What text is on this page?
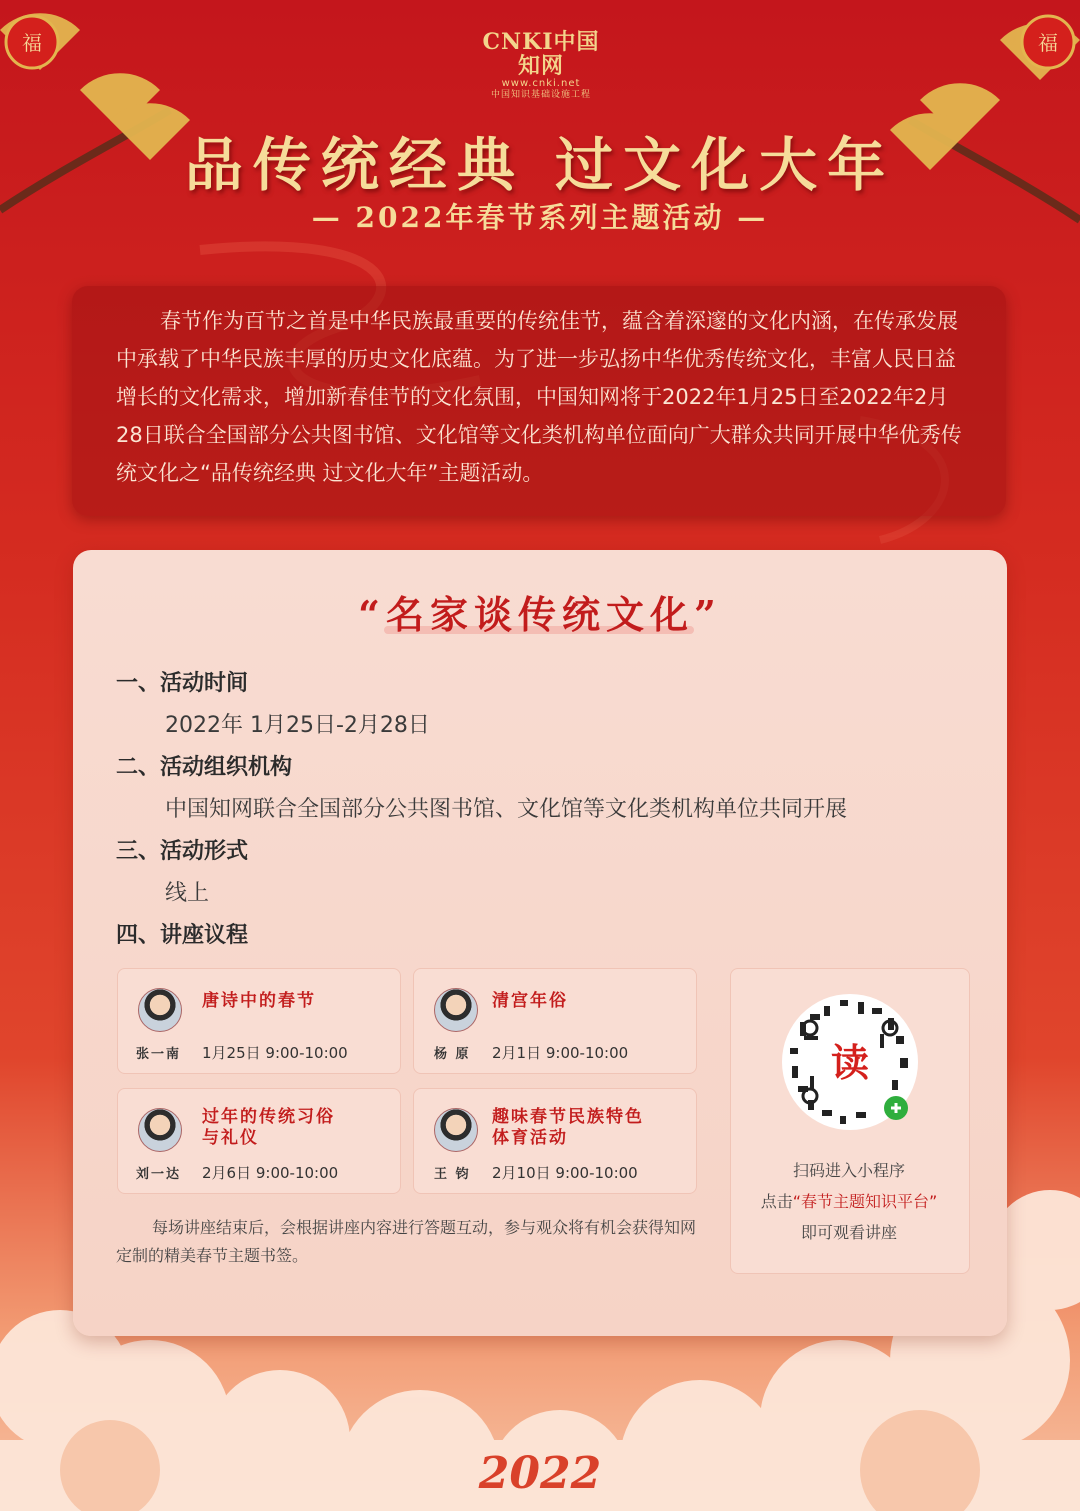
福	福
CNKI中国知网
www.cnki.net
中国知识基础设施工程
品传统经典 过文化大年
— 2022年春节系列主题活动 —
春节作为百节之首是中华民族最重要的传统佳节，蕴含着深邃的文化内涵，在传承发展中承载了中华民族丰厚的历史文化底蕴。为了进一步弘扬中华优秀传统文化，丰富人民日益增长的文化需求，增加新春佳节的文化氛围，中国知网将于2022年1月25日至2022年2月28日联合全国部分公共图书馆、文化馆等文化类机构单位面向广大群众共同开展中华优秀传统文化之“品传统经典 过文化大年”主题活动。
“名家谈传统文化”
一、活动时间
2022年 1月25日-2月28日
二、活动组织机构
中国知网联合全国部分公共图书馆、文化馆等文化类机构单位共同开展
三、活动形式
线上
四、讲座议程
唐诗中的春节
张一南 1月25日 9:00-10:00
清宫年俗
杨 原 2月1日 9:00-10:00
过年的传统习俗
与礼仪
刘一达 2月6日 9:00-10:00
趣味春节民族特色
体育活动
王 钧 2月10日 9:00-10:00
每场讲座结束后，会根据讲座内容进行答题互动，参与观众将有机会获得知网定制的精美春节主题书签。
读
扫码进入小程序
点击“春节主题知识平台”
即可观看讲座
2022
